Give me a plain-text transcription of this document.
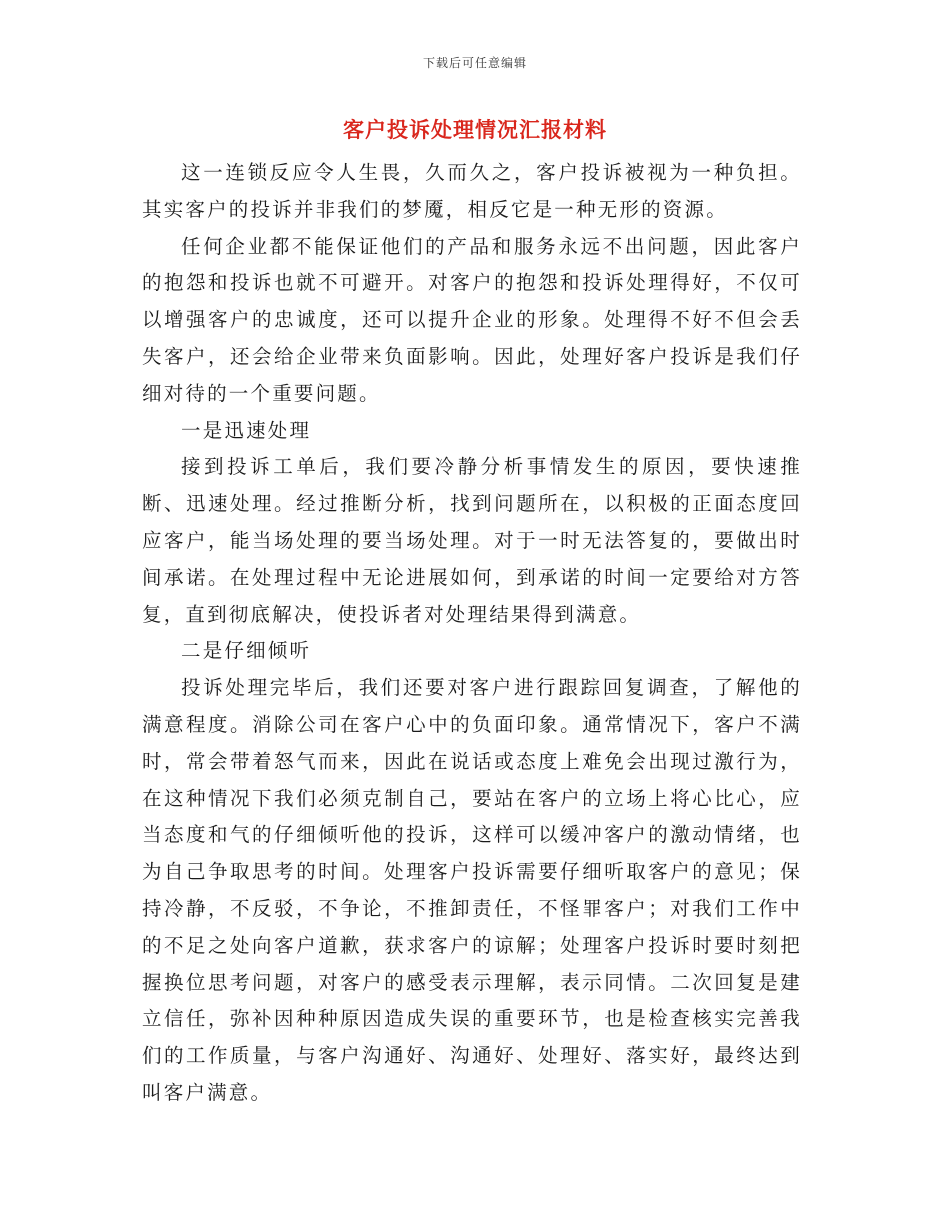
下载后可任意编辑
客户投诉处理情况汇报材料

这一连锁反应令人生畏，久而久之，客户投诉被视为一种负担。其实客户的投诉并非我们的梦魇，相反它是一种无形的资源。

任何企业都不能保证他们的产品和服务永远不出问题，因此客户的抱怨和投诉也就不可避开。对客户的抱怨和投诉处理得好，不仅可以增强客户的忠诚度，还可以提升企业的形象。处理得不好不但会丢失客户，还会给企业带来负面影响。因此，处理好客户投诉是我们仔细对待的一个重要问题。

一是迅速处理

接到投诉工单后，我们要冷静分析事情发生的原因，要快速推断、迅速处理。经过推断分析，找到问题所在，以积极的正面态度回应客户，能当场处理的要当场处理。对于一时无法答复的，要做出时间承诺。在处理过程中无论进展如何，到承诺的时间一定要给对方答复，直到彻底解决，使投诉者对处理结果得到满意。

二是仔细倾听

投诉处理完毕后，我们还要对客户进行跟踪回复调查，了解他的满意程度。消除公司在客户心中的负面印象。通常情况下，客户不满时，常会带着怒气而来，因此在说话或态度上难免会出现过激行为，在这种情况下我们必须克制自己，要站在客户的立场上将心比心，应当态度和气的仔细倾听他的投诉，这样可以缓冲客户的激动情绪，也为自己争取思考的时间。处理客户投诉需要仔细听取客户的意见；保持冷静，不反驳，不争论，不推卸责任，不怪罪客户；对我们工作中的不足之处向客户道歉，获求客户的谅解；处理客户投诉时要时刻把握换位思考问题，对客户的感受表示理解，表示同情。二次回复是建立信任，弥补因种种原因造成失误的重要环节，也是检查核实完善我们的工作质量，与客户沟通好、沟通好、处理好、落实好，最终达到叫客户满意。
